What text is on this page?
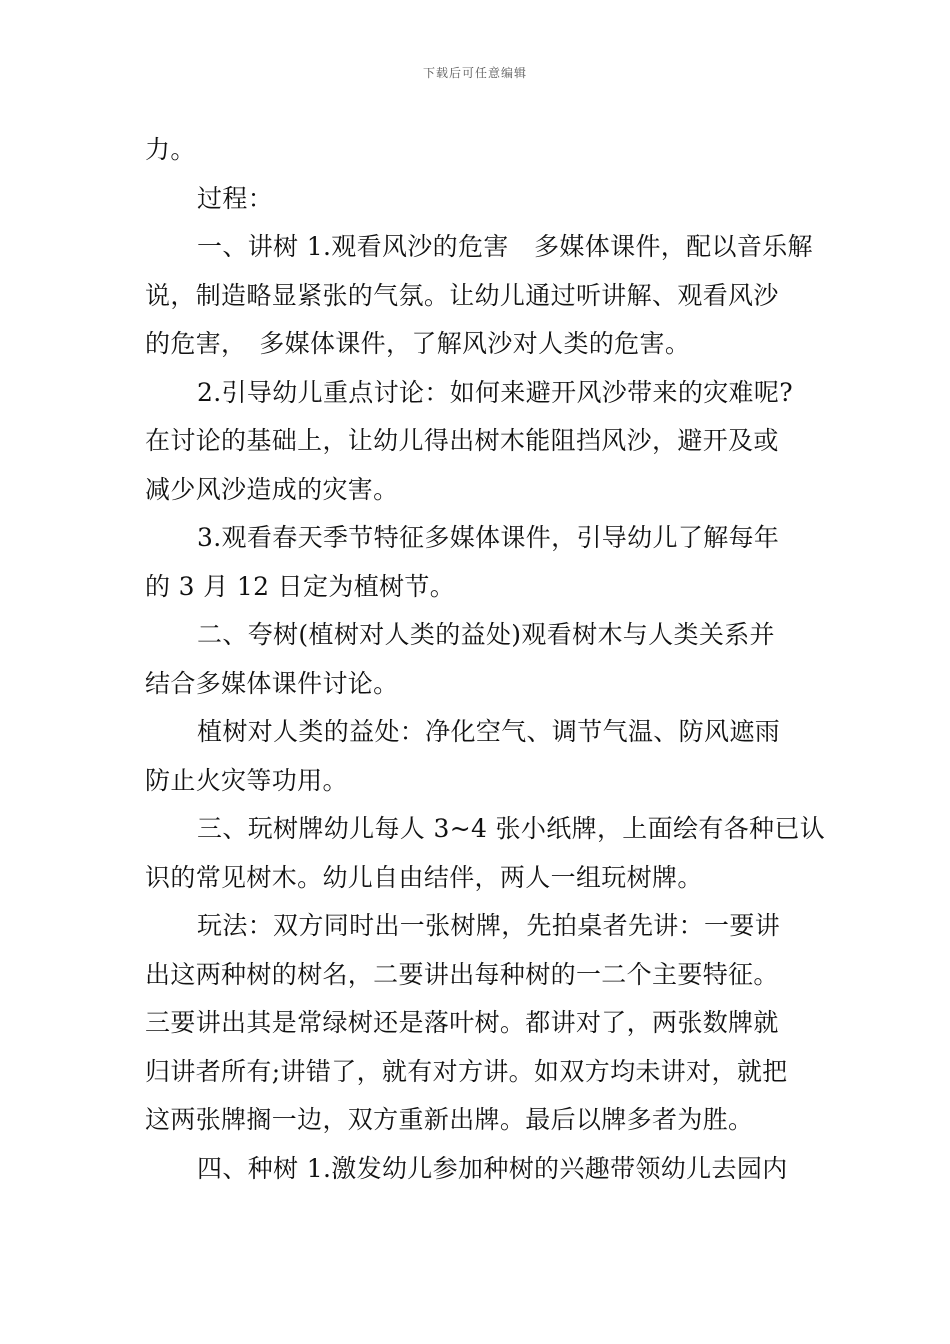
下载后可任意编辑
力。
过程：
一、讲树 1.观看风沙的危害　多媒体课件，配以音乐解
说，制造略显紧张的气氛。让幼儿通过听讲解、观看风沙
的危害，　多媒体课件，了解风沙对人类的危害。
2.引导幼儿重点讨论：如何来避开风沙带来的灾难呢?
在讨论的基础上，让幼儿得出树木能阻挡风沙，避开及或
减少风沙造成的灾害。
3.观看春天季节特征多媒体课件，引导幼儿了解每年
的 3 月 12 日定为植树节。
二、夸树(植树对人类的益处)观看树木与人类关系并
结合多媒体课件讨论。
植树对人类的益处：净化空气、调节气温、防风遮雨
防止火灾等功用。
三、玩树牌幼儿每人 3~4 张小纸牌，上面绘有各种已认
识的常见树木。幼儿自由结伴，两人一组玩树牌。
玩法：双方同时出一张树牌，先拍桌者先讲：一要讲
出这两种树的树名，二要讲出每种树的一二个主要特征。
三要讲出其是常绿树还是落叶树。都讲对了，两张数牌就
归讲者所有;讲错了，就有对方讲。如双方均未讲对，就把
这两张牌搁一边，双方重新出牌。最后以牌多者为胜。
四、种树 1.激发幼儿参加种树的兴趣带领幼儿去园内
